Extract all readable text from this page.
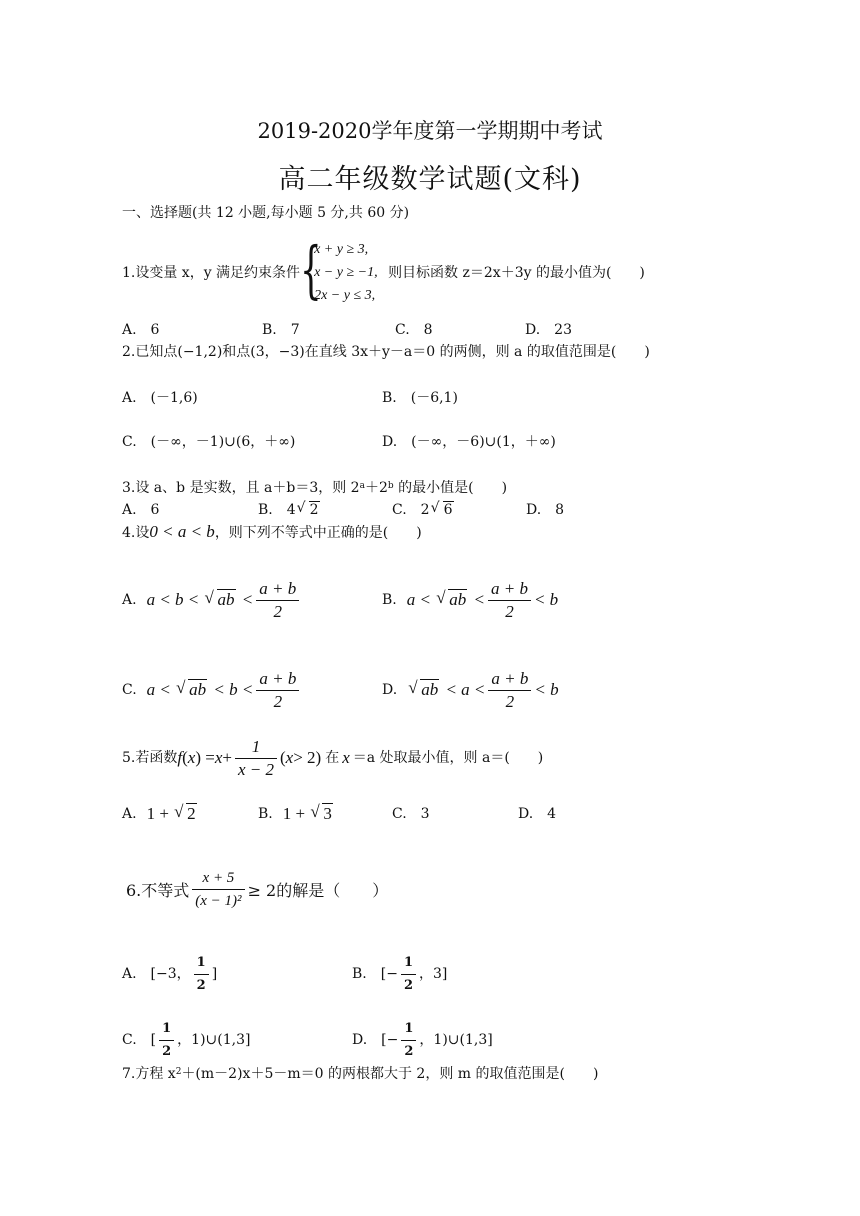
2019-2020学年度第一学期期中考试
高二年级数学试题(文科)
一、选择题(共 12 小题,每小题 5 分,共 60 分)
1.设变量 x，y 满足约束条件 {
x + y ≥ 3,
x − y ≥ −1,
2x − y ≤ 3,
则目标函数 z＝2x＋3y 的最小值为(　　)
A.　6	B.　7	C.　8	D.　23
2.已知点(−1,2)和点(3，−3)在直线 3x＋y－a＝0 的两侧，则 a 的取值范围是(　　)
A.　(－1,6)	B.　(－6,1)
C.　(－∞，－1)∪(6，＋∞)	D.　(－∞，－6)∪(1，＋∞)
3.设 a、b 是实数，且 a＋b＝3，则 $2^a+2^b$ 的最小值是(　　)
A.　6	B.　4 √ 2	C.　2 √ 6	D.　8
4.设0 < a < b，则下列不等式中正确的是(　　)
A. a < b < √ ab < $\frac{a + b}{2}$	B. a < √ ab < $\frac{a + b}{2} < b$
C. a < √ ab < $b < \frac{a + b}{2}$	D.	√ ab < $a < \frac{a + b}{2} < b$
5.若函数 f ( x ) = $x + \frac{1}{x - 2}$ ( x > 2) 在 x ＝a 处取最小值，则 a＝(　　)
A. 1 + √ 2	B. 1 + √ 3	C.　3	D.　4
6.不等式 $\frac{x + 5}{\text{(x − 1)²}} \ge 2$的解是（　　）
A.　[−3， $\frac{1}{2}$ ]	B.　[− $\frac{1}{2}$ ，3]
C.　[ $\frac{1}{2}$ ，1)∪(1,3]	D.　[− $\frac{1}{2}$ ，1)∪(1,3]
7.方程 $x^2+(m-2)x+5-m=0$ 的两根都大于 2，则 m 的取值范围是(　　)
